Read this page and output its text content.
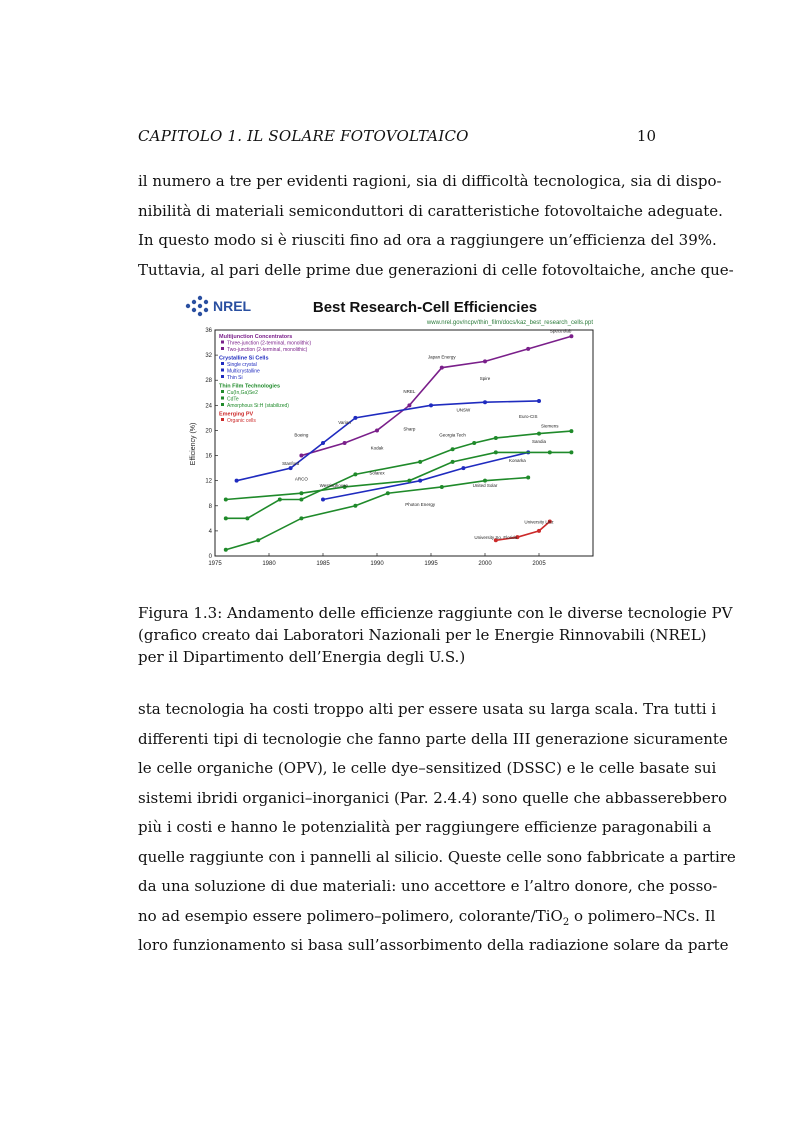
CAPITOLO 1. IL SOLARE FOTOVOLTAICO	10
il numero a tre per evidenti ragioni, sia di difficoltà tecnologica, sia di dispo-
nibilità di materiali semiconduttori di caratteristiche fotovoltaiche adeguate.
In questo modo si è riusciti fino ad ora a raggiungere un’efficienza del 39%.
Tuttavia, al pari delle prime due generazioni di celle fotovoltaiche, anche que-
NREL	Best Research-Cell Efficiencies
www.nrel.gov/ncpv/thin_film/docs/kaz_best_research_cells.ppt
0
4
8
12
16
20
24
28
32
36
1975	1980	1985	1990	1995	2000	2005
Efficiency (%)
Multijunction Concentrators
Three-junction (2-terminal, monolithic)
Two-junction (2-terminal, monolithic)
Crystalline Si Cells
Single crystal
Multicrystalline
Thin Si
Thin Film Technologies
Cu(In,Ga)Se2
CdTe
Amorphous Si:H (stabilized)
Emerging PV
Organic cells
Spectrolab
NREL
Japan Energy
Spire
Boeing
Varian
Kodak
Westinghouse
ARCO
Solarex
Stanford
Sharp
UNSW
Euro-CIS
Georgia Tech
Sandia
United Solar
Photon Energy
University So. Florida
University Linz
Siemens
Konarka
Figura 1.3: Andamento delle efficienze raggiunte con le diverse tecnologie PV
(grafico creato dai Laboratori Nazionali per le Energie Rinnovabili (NREL)
per il Dipartimento dell’Energia degli U.S.)
sta tecnologia ha costi troppo alti per essere usata su larga scala. Tra tutti i
differenti tipi di tecnologie che fanno parte della III generazione sicuramente
le celle organiche (OPV), le celle dye–sensitized (DSSC) e le celle basate sui
sistemi ibridi organici–inorganici (Par. 2.4.4) sono quelle che abbasserebbero
più i costi e hanno le potenzialità per raggiungere efficienze paragonabili a
quelle raggiunte con i pannelli al silicio. Queste celle sono fabbricate a partire
da una soluzione di due materiali: uno accettore e l’altro donore, che posso-
no ad esempio essere polimero–polimero, colorante/TiO$_2$ o polimero–NCs. Il
loro funzionamento si basa sull’assorbimento della radiazione solare da parte
